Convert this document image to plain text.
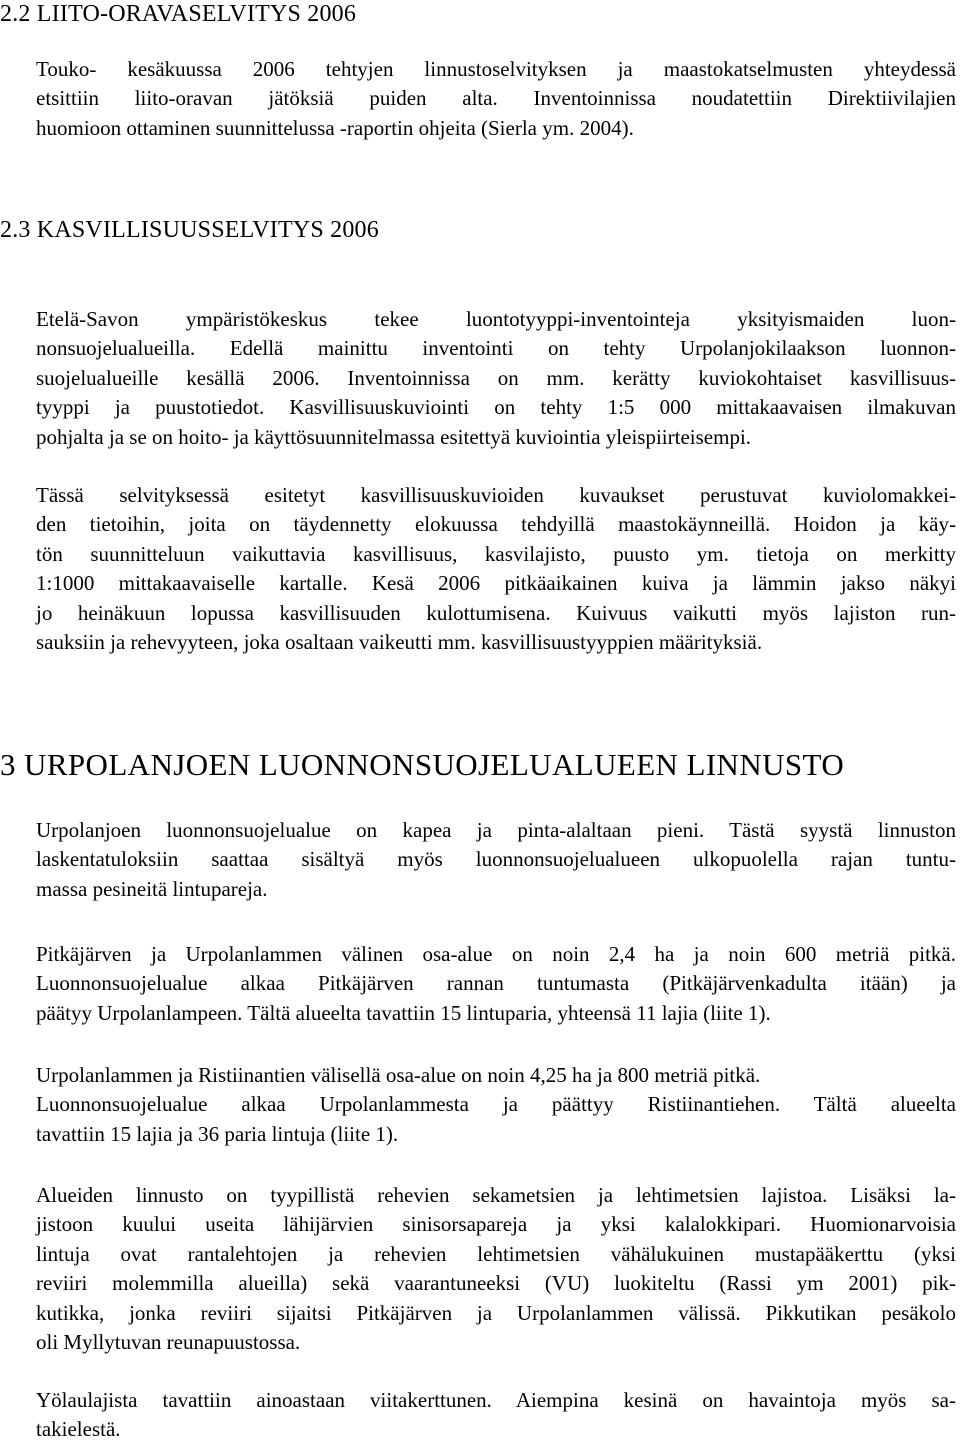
2.2 LIITO-ORAVASELVITYS 2006

Touko- kesäkuussa 2006 tehtyjen linnustoselvityksen ja maastokatselmusten yhteydessä
etsittiin liito-oravan jätöksiä puiden alta. Inventoinnissa noudatettiin Direktiivilajien
huomioon ottaminen suunnittelussa -raportin ohjeita (Sierla ym. 2004).

2.3 KASVILLISUUSSELVITYS 2006

Etelä-Savon ympäristökeskus tekee luontotyyppi-inventointeja yksityismaiden luon-
nonsuojelualueilla. Edellä mainittu inventointi on tehty Urpolanjokilaakson luonnon-
suojelualueille kesällä 2006. Inventoinnissa on mm. kerätty kuviokohtaiset kasvillisuus-
tyyppi ja puustotiedot. Kasvillisuuskuviointi on tehty 1:5 000 mittakaavaisen ilmakuvan
pohjalta ja se on hoito- ja käyttösuunnitelmassa esitettyä kuviointia yleispiirteisempi.

Tässä selvityksessä esitetyt kasvillisuuskuvioiden kuvaukset perustuvat kuviolomakkei-
den tietoihin, joita on täydennetty elokuussa tehdyillä maastokäynneillä. Hoidon ja käy-
tön suunnitteluun vaikuttavia kasvillisuus, kasvilajisto, puusto ym. tietoja on merkitty
1:1000 mittakaavaiselle kartalle. Kesä 2006 pitkäaikainen kuiva ja lämmin jakso näkyi
jo heinäkuun lopussa kasvillisuuden kulottumisena. Kuivuus vaikutti myös lajiston run-
sauksiin ja rehevyyteen, joka osaltaan vaikeutti mm. kasvillisuustyyppien määrityksiä.

3 URPOLANJOEN LUONNONSUOJELUALUEEN LINNUSTO

Urpolanjoen luonnonsuojelualue on kapea ja pinta-alaltaan pieni. Tästä syystä linnuston
laskentatuloksiin saattaa sisältyä myös luonnonsuojelualueen ulkopuolella rajan tuntu-
massa pesineitä lintupareja.

Pitkäjärven ja Urpolanlammen välinen osa-alue on noin 2,4 ha ja noin 600 metriä pitkä.
Luonnonsuojelualue alkaa Pitkäjärven rannan tuntumasta (Pitkäjärvenkadulta itään) ja
päätyy Urpolanlampeen. Tältä alueelta tavattiin 15 lintuparia, yhteensä 11 lajia (liite 1).

Urpolanlammen ja Ristiinantien välisellä osa-alue on noin 4,25 ha ja 800 metriä pitkä.
Luonnonsuojelualue alkaa Urpolanlammesta ja päättyy Ristiinantiehen. Tältä alueelta
tavattiin 15 lajia ja 36 paria lintuja (liite 1).

Alueiden linnusto on tyypillistä rehevien sekametsien ja lehtimetsien lajistoa. Lisäksi la-
jistoon kuului useita lähijärvien sinisorsapareja ja yksi kalalokkipari. Huomionarvoisia
lintuja ovat rantalehtojen ja rehevien lehtimetsien vähälukuinen mustapääkerttu (yksi
reviiri molemmilla alueilla) sekä vaarantuneeksi (VU) luokiteltu (Rassi ym 2001) pik-
kutikka, jonka reviiri sijaitsi Pitkäjärven ja Urpolanlammen välissä. Pikkutikan pesäkolo
oli Myllytuvan reunapuustossa.

Yölaulajista tavattiin ainoastaan viitakerttunen. Aiempina kesinä on havaintoja myös sa-
takielestä.
